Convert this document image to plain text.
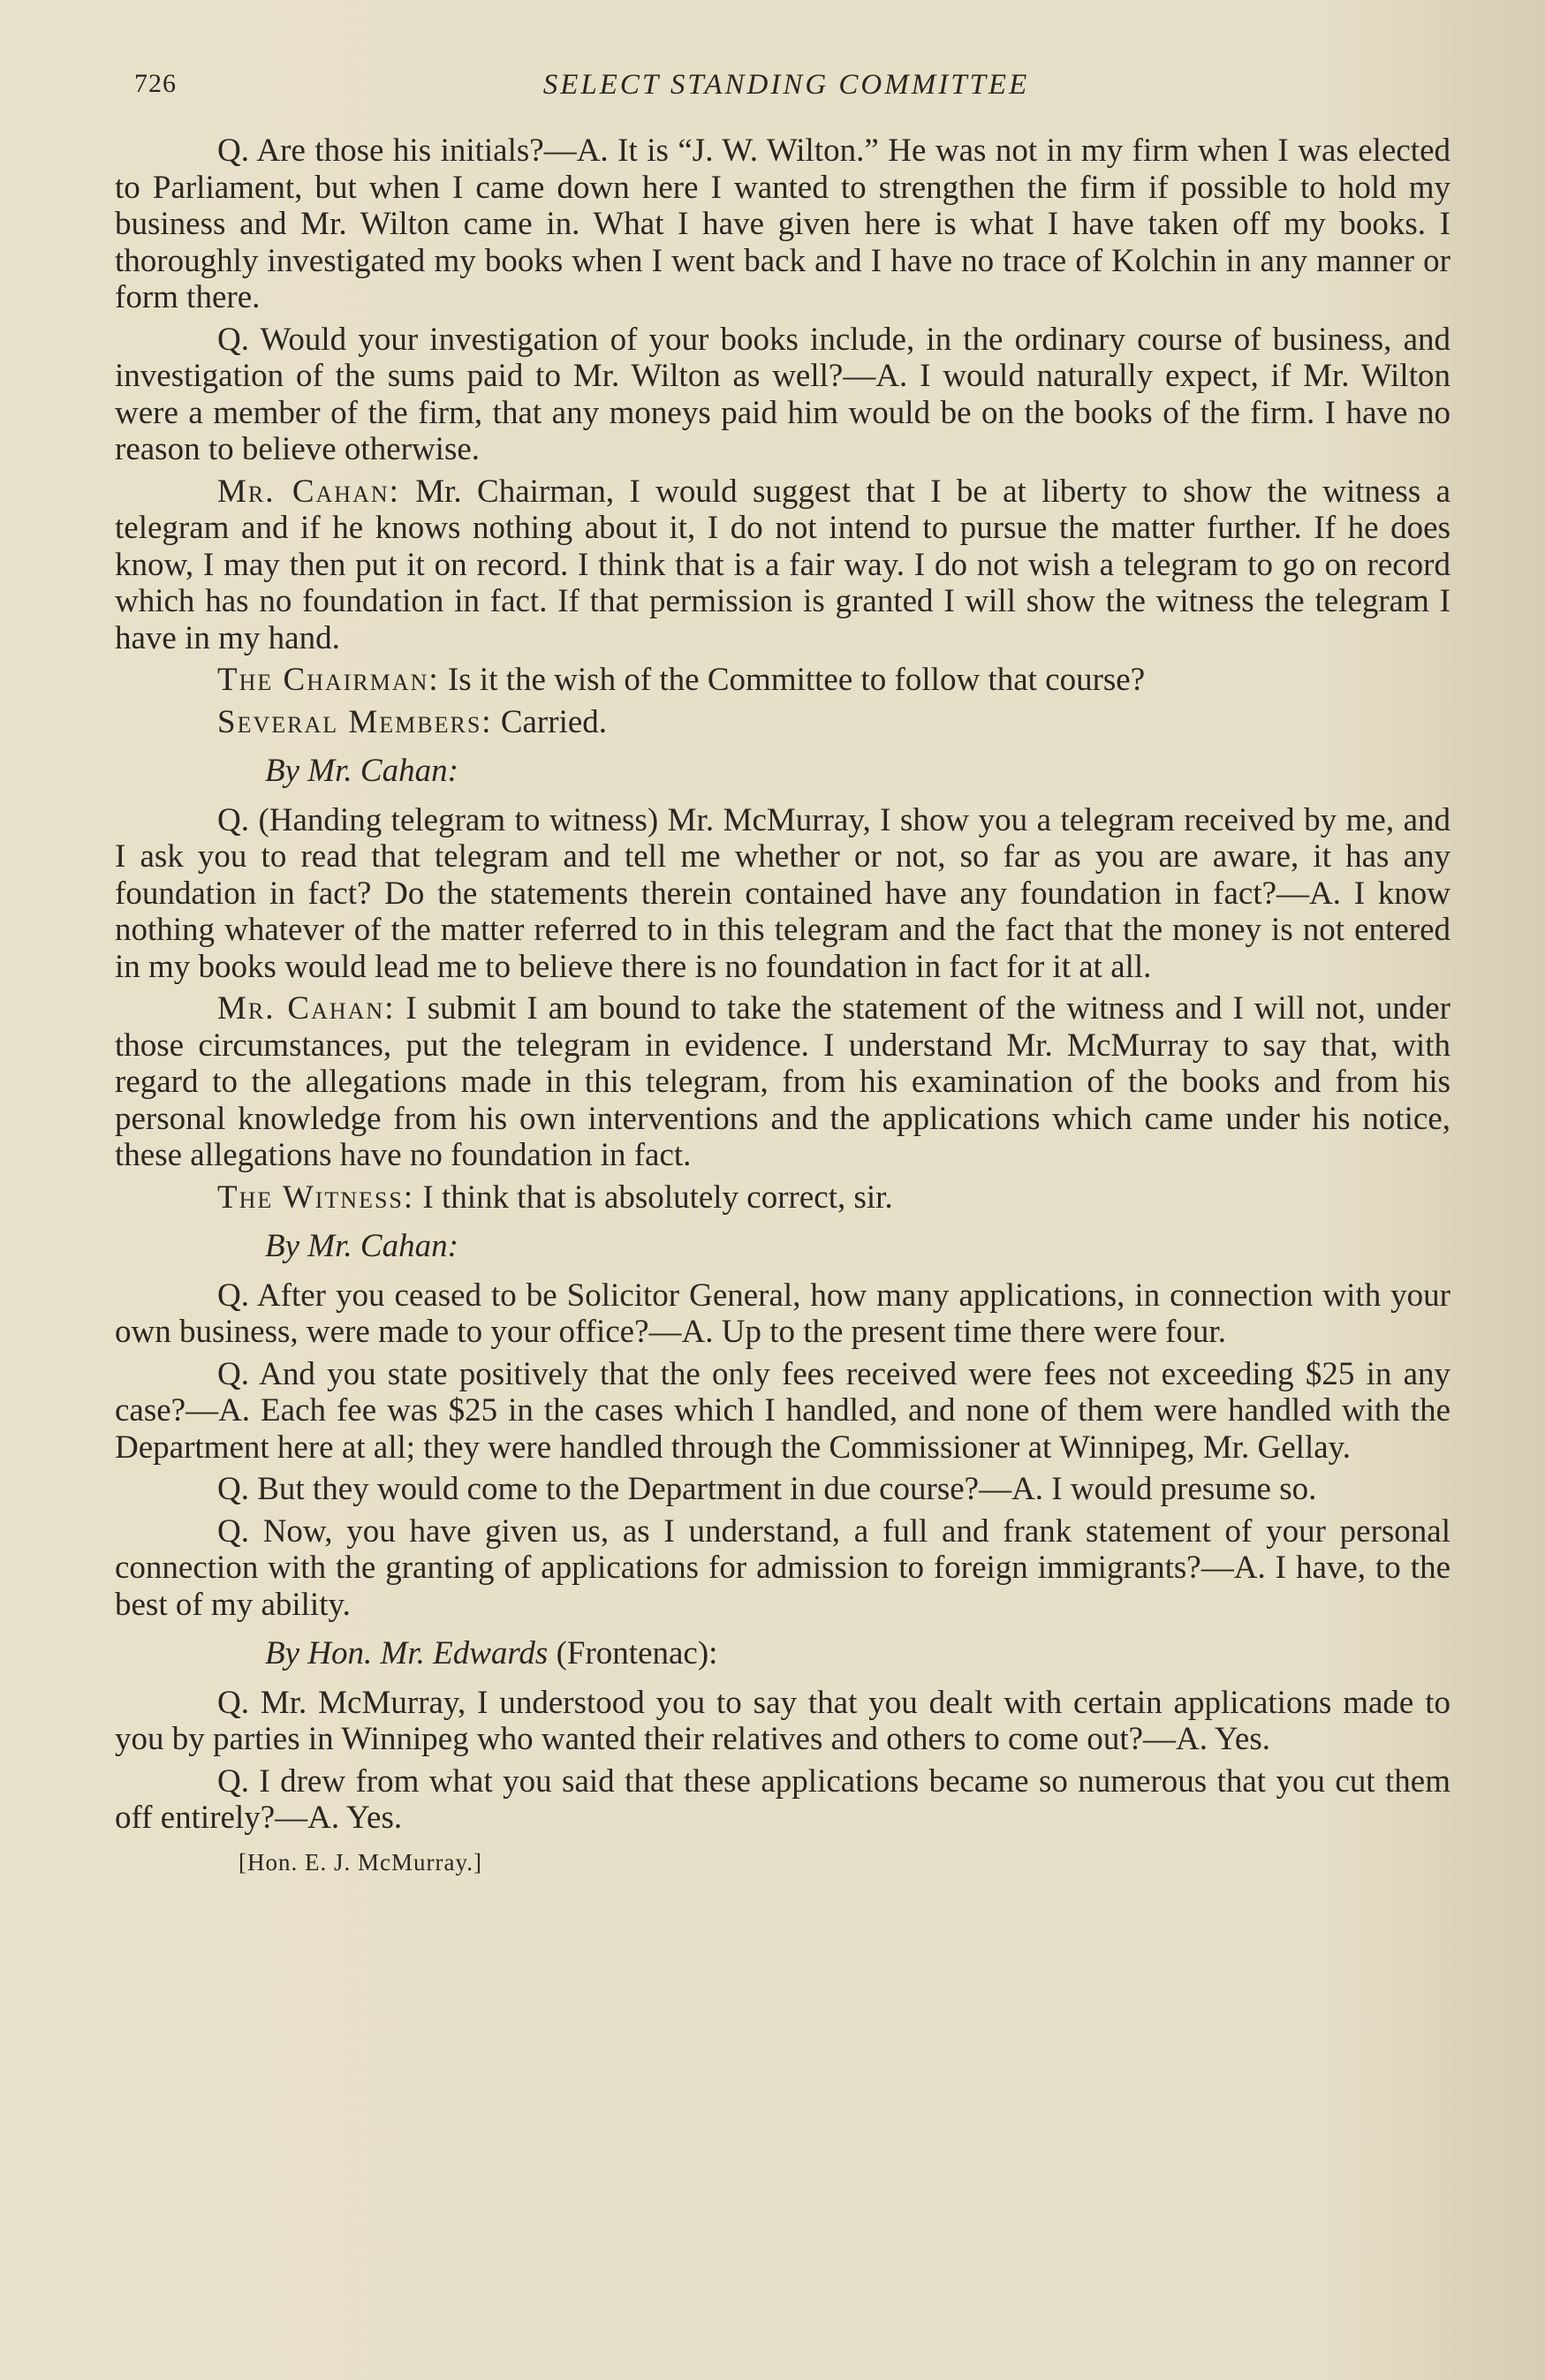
726	SELECT STANDING COMMITTEE

Q. Are those his initials?—A. It is “J. W. Wilton.” He was not in my firm when I was elected to Parliament, but when I came down here I wanted to strengthen the firm if possible to hold my business and Mr. Wilton came in. What I have given here is what I have taken off my books. I thoroughly investigated my books when I went back and I have no trace of Kolchin in any manner or form there.

Q. Would your investigation of your books include, in the ordinary course of business, and investigation of the sums paid to Mr. Wilton as well?—A. I would naturally expect, if Mr. Wilton were a member of the firm, that any moneys paid him would be on the books of the firm. I have no reason to believe otherwise.

Mr. Cahan: Mr. Chairman, I would suggest that I be at liberty to show the witness a telegram and if he knows nothing about it, I do not intend to pursue the matter further. If he does know, I may then put it on record. I think that is a fair way. I do not wish a telegram to go on record which has no foundation in fact. If that permission is granted I will show the witness the telegram I have in my hand.

The Chairman: Is it the wish of the Committee to follow that course?

Several Members: Carried.

By Mr. Cahan:

Q. (Handing telegram to witness) Mr. McMurray, I show you a telegram received by me, and I ask you to read that telegram and tell me whether or not, so far as you are aware, it has any foundation in fact? Do the statements therein contained have any foundation in fact?—A. I know nothing whatever of the matter referred to in this telegram and the fact that the money is not entered in my books would lead me to believe there is no foundation in fact for it at all.

Mr. Cahan: I submit I am bound to take the statement of the witness and I will not, under those circumstances, put the telegram in evidence. I understand Mr. McMurray to say that, with regard to the allegations made in this telegram, from his examination of the books and from his personal knowledge from his own interventions and the applications which came under his notice, these allegations have no foundation in fact.

The Witness: I think that is absolutely correct, sir.

By Mr. Cahan:

Q. After you ceased to be Solicitor General, how many applications, in connection with your own business, were made to your office?—A. Up to the present time there were four.

Q. And you state positively that the only fees received were fees not exceeding $25 in any case?—A. Each fee was $25 in the cases which I handled, and none of them were handled with the Department here at all; they were handled through the Commissioner at Winnipeg, Mr. Gellay.

Q. But they would come to the Department in due course?—A. I would presume so.

Q. Now, you have given us, as I understand, a full and frank statement of your personal connection with the granting of applications for admission to foreign immigrants?—A. I have, to the best of my ability.

By Hon. Mr. Edwards (Frontenac):

Q. Mr. McMurray, I understood you to say that you dealt with certain applications made to you by parties in Winnipeg who wanted their relatives and others to come out?—A. Yes.

Q. I drew from what you said that these applications became so numerous that you cut them off entirely?—A. Yes.

[Hon. E. J. McMurray.]
